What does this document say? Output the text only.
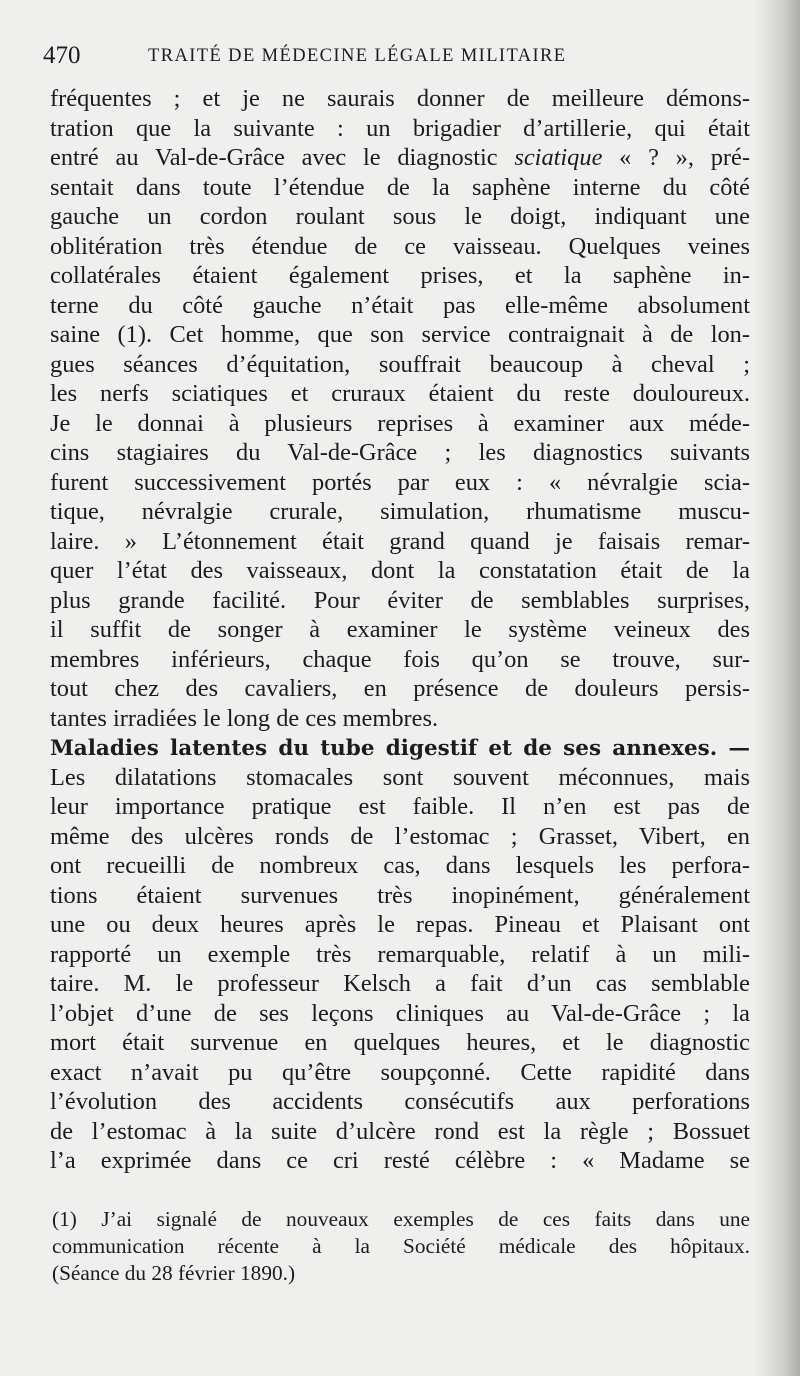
470	TRAITÉ DE MÉDECINE LÉGALE MILITAIRE
fréquentes ; et je ne saurais donner de meilleure démons-
tration que la suivante : un brigadier d’artillerie, qui était
entré au Val-de-Grâce avec le diagnostic sciatique « ? », pré-
sentait dans toute l’étendue de la saphène interne du côté
gauche un cordon roulant sous le doigt, indiquant une
oblitération très étendue de ce vaisseau. Quelques veines
collatérales étaient également prises, et la saphène in-
terne du côté gauche n’était pas elle-même absolument
saine (1). Cet homme, que son service contraignait à de lon-
gues séances d’équitation, souffrait beaucoup à cheval ;
les nerfs sciatiques et cruraux étaient du reste douloureux.
Je le donnai à plusieurs reprises à examiner aux méde-
cins stagiaires du Val-de-Grâce ; les diagnostics suivants
furent successivement portés par eux : « névralgie scia-
tique, névralgie crurale, simulation, rhumatisme muscu-
laire. » L’étonnement était grand quand je faisais remar-
quer l’état des vaisseaux, dont la constatation était de la
plus grande facilité. Pour éviter de semblables surprises,
il suffit de songer à examiner le système veineux des
membres inférieurs, chaque fois qu’on se trouve, sur-
tout chez des cavaliers, en présence de douleurs persis-
tantes irradiées le long de ces membres.
Maladies latentes du tube digestif et de ses annexes. —
Les dilatations stomacales sont souvent méconnues, mais
leur importance pratique est faible. Il n’en est pas de
même des ulcères ronds de l’estomac ; Grasset, Vibert, en
ont recueilli de nombreux cas, dans lesquels les perfora-
tions étaient survenues très inopinément, généralement
une ou deux heures après le repas. Pineau et Plaisant ont
rapporté un exemple très remarquable, relatif à un mili-
taire. M. le professeur Kelsch a fait d’un cas semblable
l’objet d’une de ses leçons cliniques au Val-de-Grâce ; la
mort était survenue en quelques heures, et le diagnostic
exact n’avait pu qu’être soupçonné. Cette rapidité dans
l’évolution des accidents consécutifs aux perforations
de l’estomac à la suite d’ulcère rond est la règle ; Bossuet
l’a exprimée dans ce cri resté célèbre : « Madame se
(1) J’ai signalé de nouveaux exemples de ces faits dans une
communication récente à la Société médicale des hôpitaux.
(Séance du 28 février 1890.)
